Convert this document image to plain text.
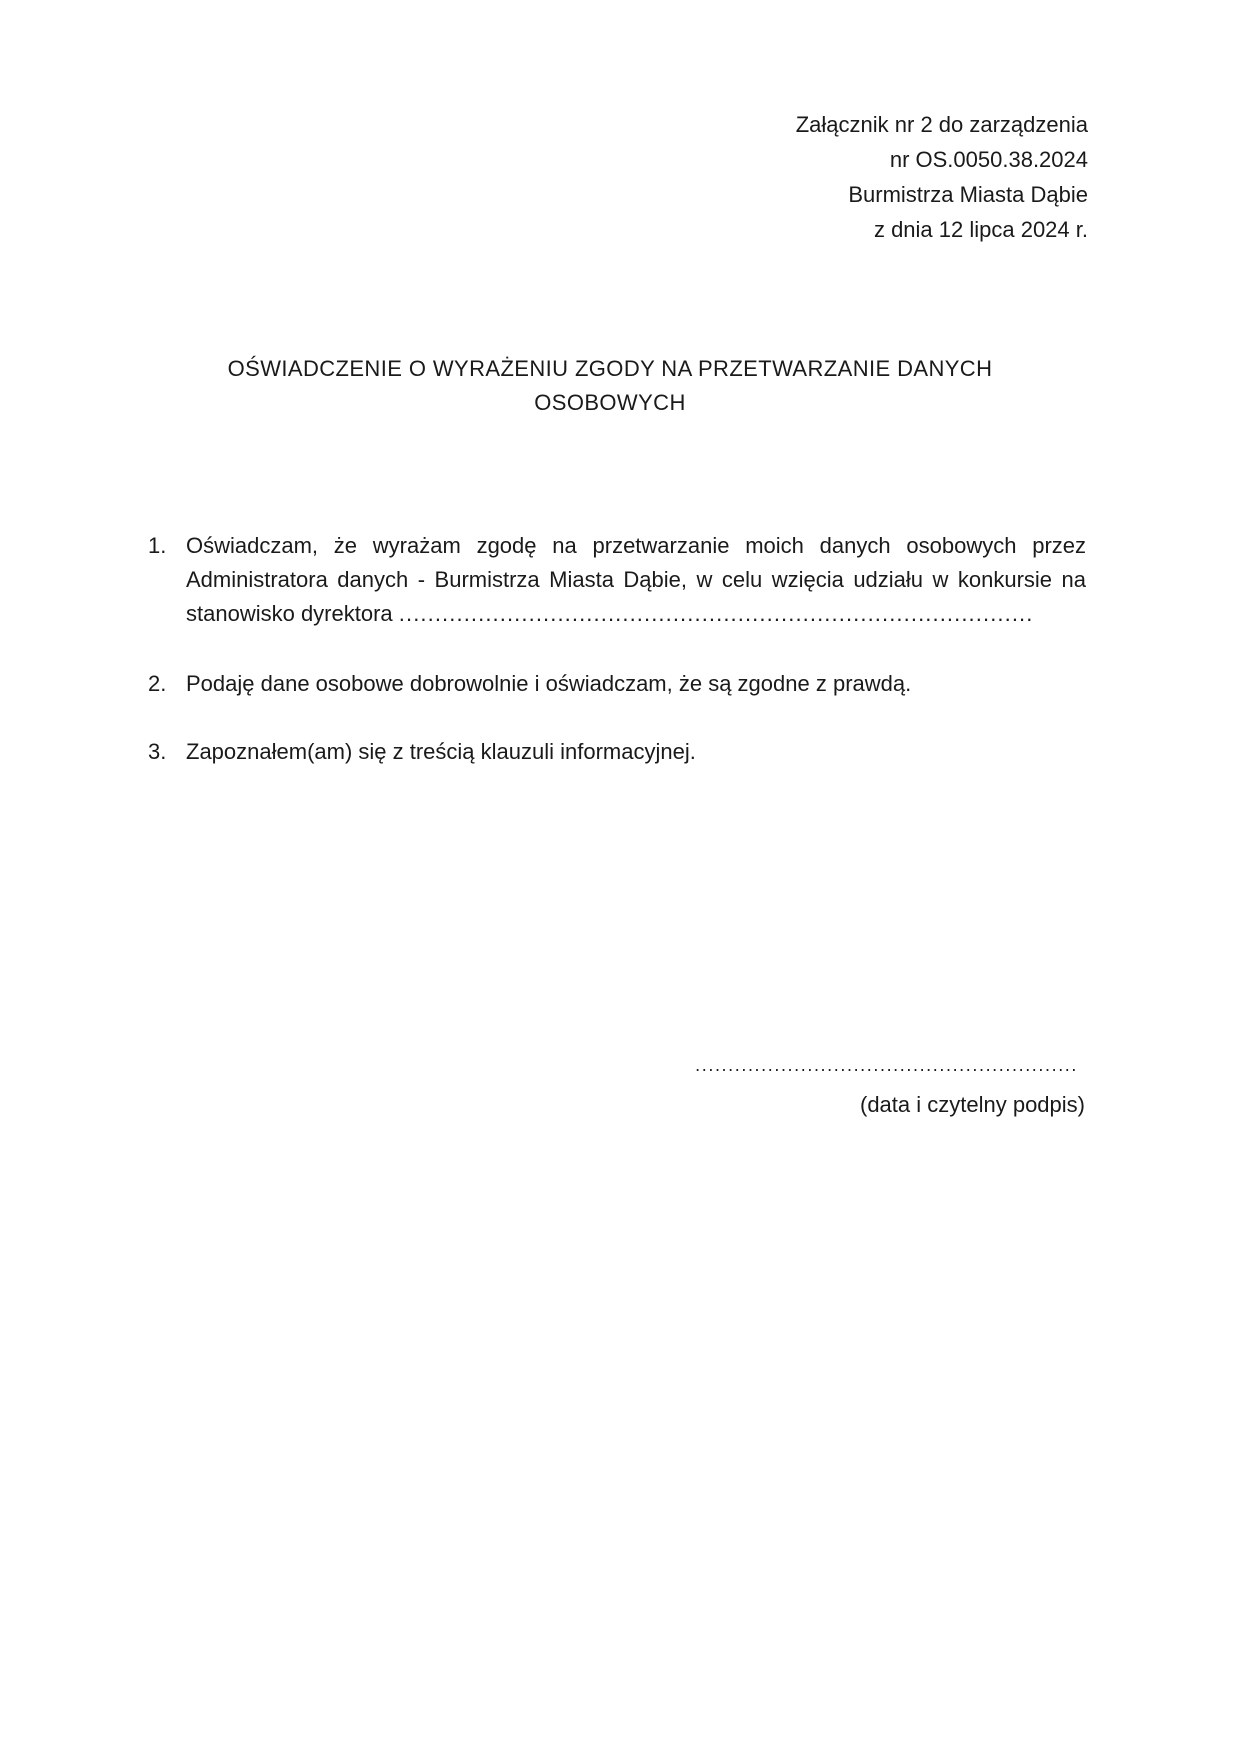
Załącznik nr 2 do zarządzenia
nr OS.0050.38.2024
Burmistrza Miasta Dąbie
z dnia 12 lipca 2024 r.
OŚWIADCZENIE O WYRAŻENIU ZGODY NA PRZETWARZANIE DANYCH
OSOBOWYCH
1. Oświadczam, że wyrażam zgodę na przetwarzanie moich danych osobowych przez Administratora danych - Burmistrza Miasta Dąbie, w celu wzięcia udziału w konkursie na stanowisko dyrektora ........................................................................................
2. Podaję dane osobowe dobrowolnie i oświadczam, że są zgodne z prawdą.
3. Zapoznałem(am) się z treścią klauzuli informacyjnej.
..........................................................
(data i czytelny podpis)
